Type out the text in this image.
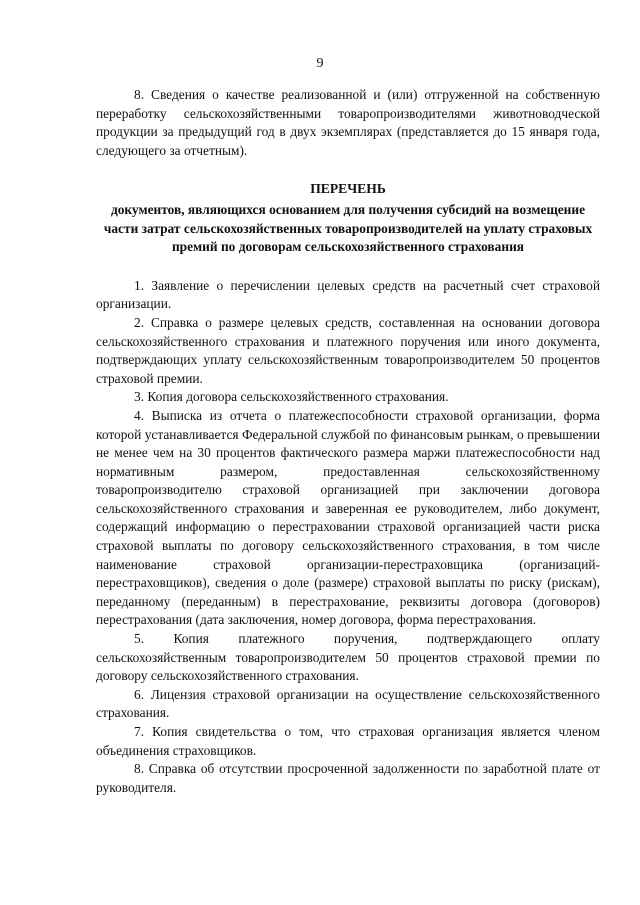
9

8. Сведения о качестве реализованной и (или) отгруженной на собственную переработку сельскохозяйственными товаропроизводителями животноводческой продукции за предыдущий год в двух экземплярах (представляется до 15 января года, следующего за отчетным).

ПЕРЕЧЕНЬ

документов, являющихся основанием для получения субсидий на возмещение части затрат сельскохозяйственных товаропроизводителей на уплату страховых премий по договорам сельскохозяйственного страхования

1. Заявление о перечислении целевых средств на расчетный счет страховой организации.

2. Справка о размере целевых средств, составленная на основании договора сельскохозяйственного страхования и платежного поручения или иного документа, подтверждающих уплату сельскохозяйственным товаропроизводителем 50 процентов страховой премии.

3. Копия договора сельскохозяйственного страхования.

4. Выписка из отчета о платежеспособности страховой организации, форма которой устанавливается Федеральной службой по финансовым рынкам, о превышении не менее чем на 30 процентов фактического размера маржи платежеспособности над нормативным размером, предоставленная сельскохозяйственному товаропроизводителю страховой организацией при заключении договора сельскохозяйственного страхования и заверенная ее руководителем, либо документ, содержащий информацию о перестраховании страховой организацией части риска страховой выплаты по договору сельскохозяйственного страхования, в том числе наименование страховой организации-перестраховщика (организаций-перестраховщиков), сведения о доле (размере) страховой выплаты по риску (рискам), переданному (переданным) в перестрахование, реквизиты договора (договоров) перестрахования (дата заключения, номер договора, форма перестрахования.

5. Копия платежного поручения, подтверждающего оплату сельскохозяйственным товаропроизводителем 50 процентов страховой премии по договору сельскохозяйственного страхования.

6. Лицензия страховой организации на осуществление сельскохозяйственного страхования.

7. Копия свидетельства о том, что страховая организация является членом объединения страховщиков.

8. Справка об отсутствии просроченной задолженности по заработной плате от руководителя.
